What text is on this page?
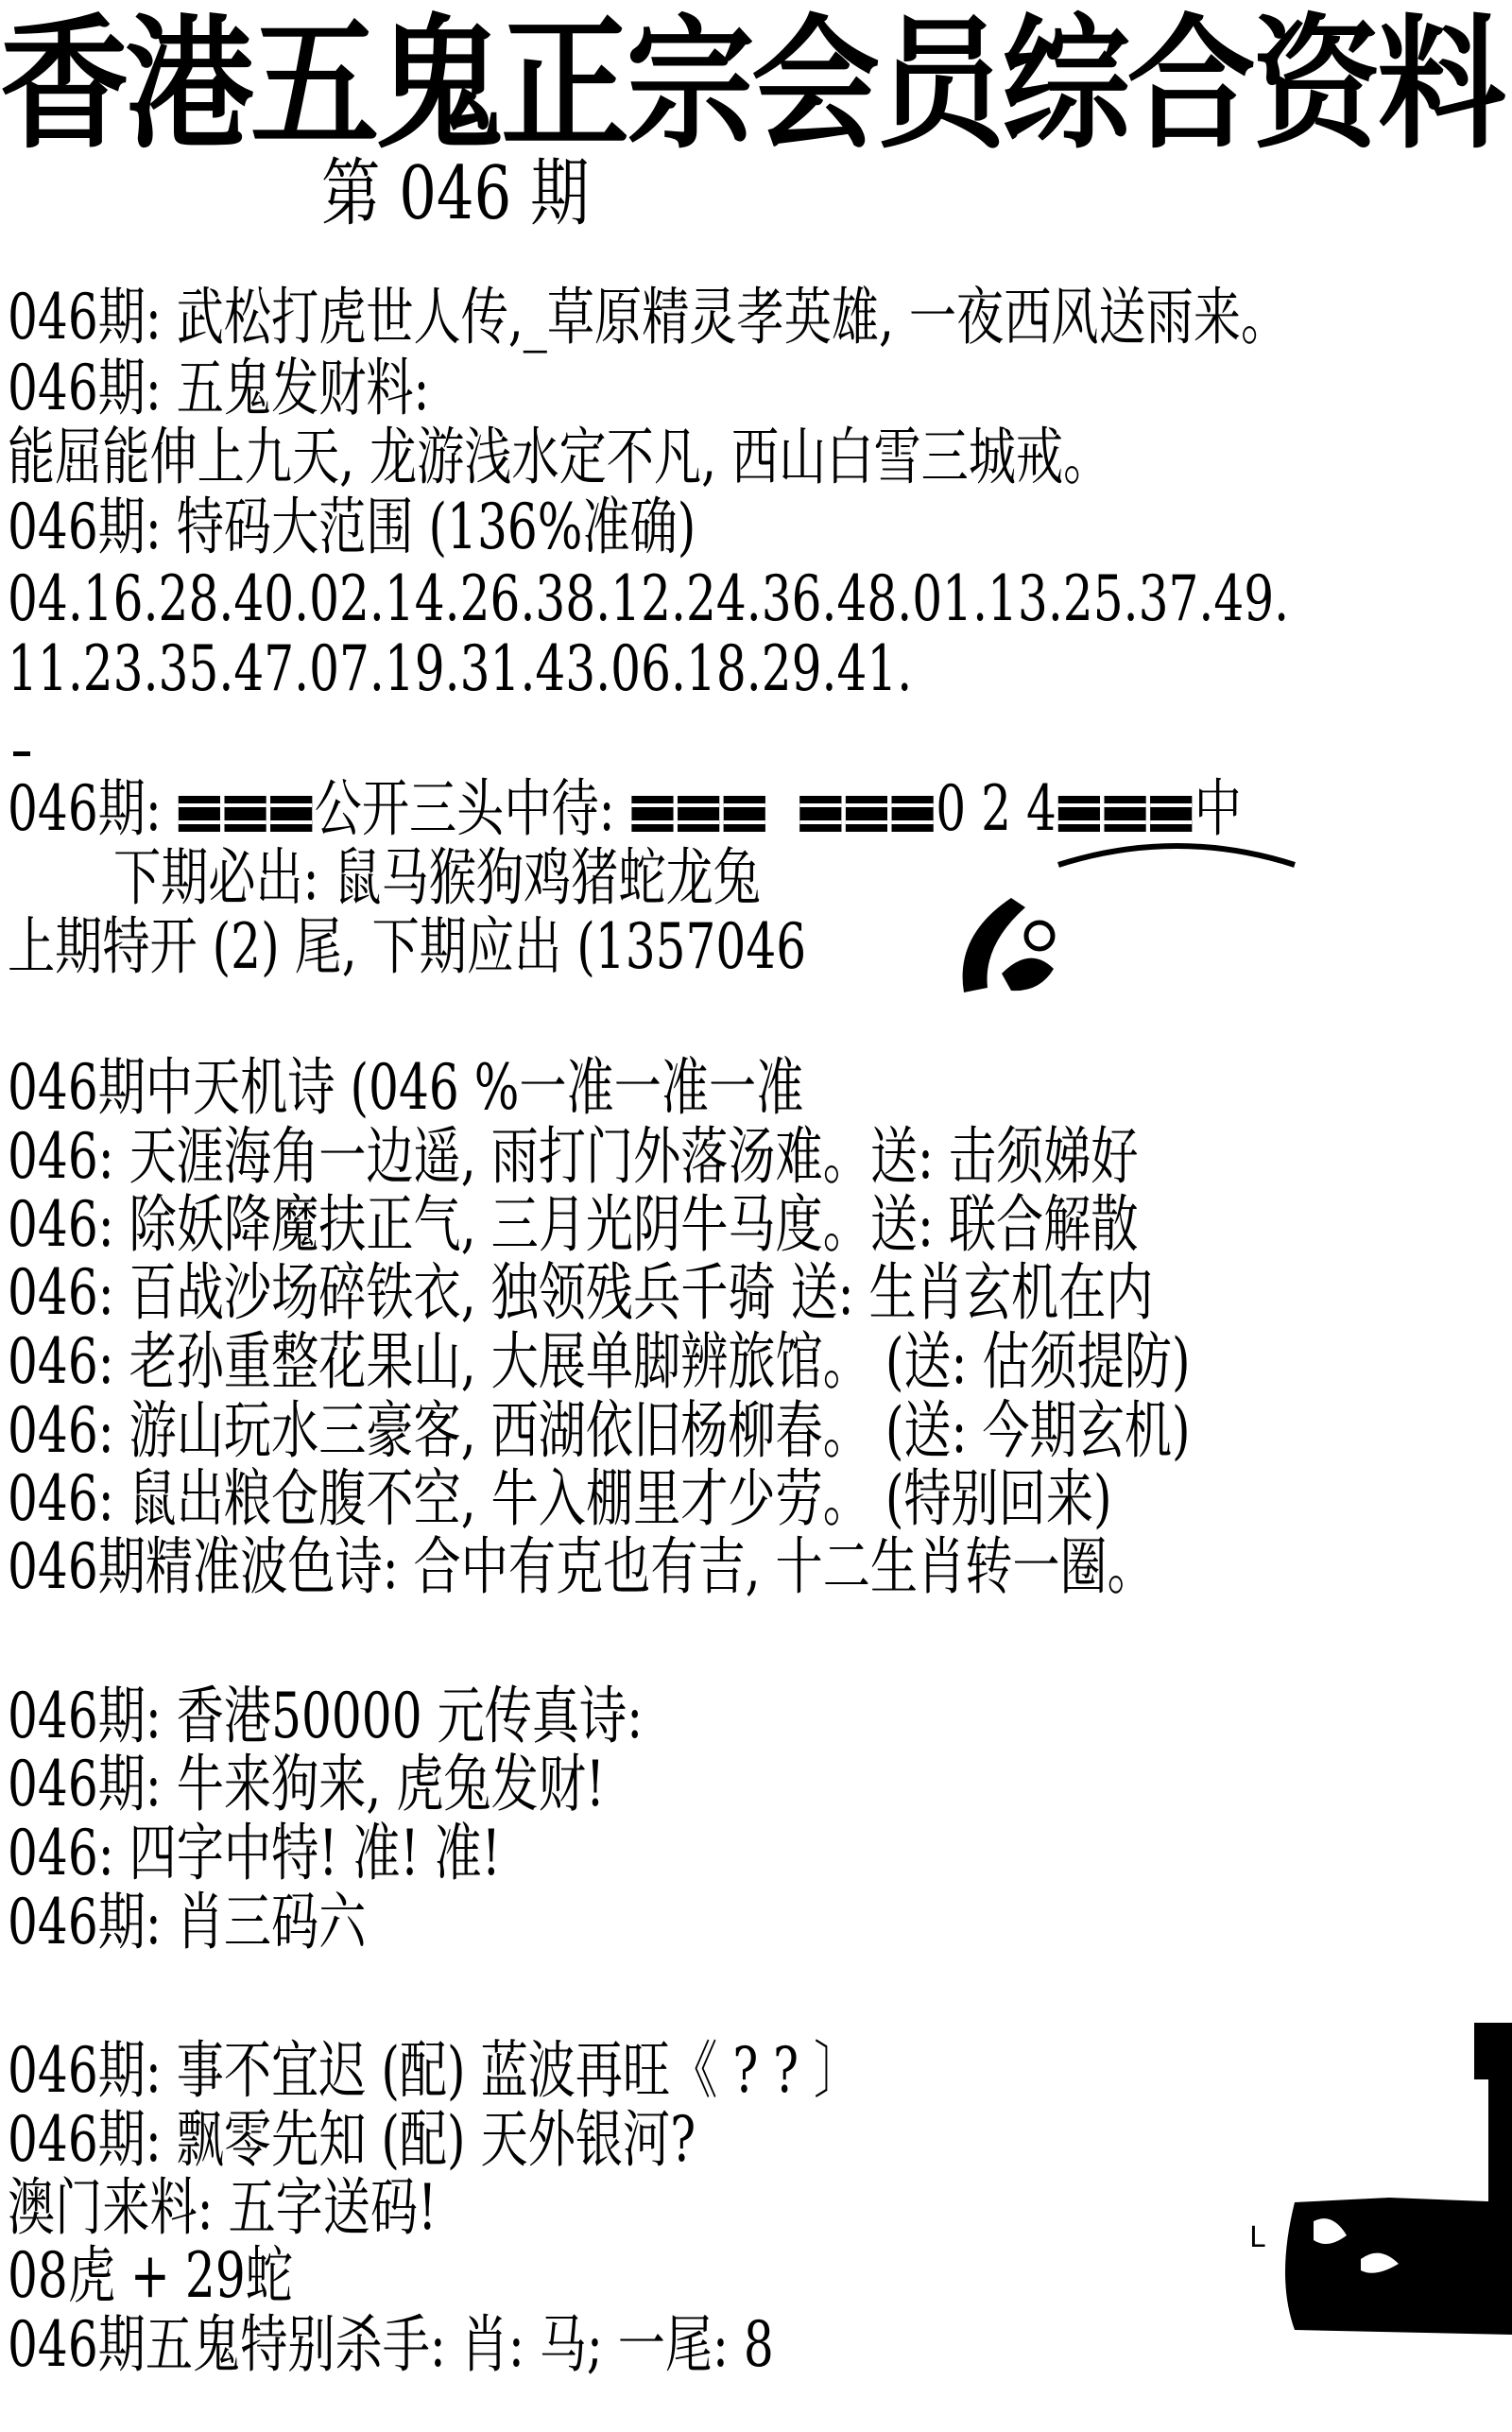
香港五鬼正宗会员综合资料
第 046 期
046期: 武松打虎世人传,_草原精灵孝英雄, 一夜西风送雨来。
046期: 五鬼发财料:
能屈能伸上九天, 龙游浅水定不凡, 西山白雪三城戒。
046期: 特码大范围 (136%准确)
04.16.28.40.02.14.26.38.12.24.36.48.01.13.25.37.49.
11.23.35.47.07.19.31.43.06.18.29.41.
046期: 公开三头中待:	0 2 4 中
下期必出: 鼠马猴狗鸡猪蛇龙兔
上期特开 (2) 尾, 下期应出 (1357046
046期中天机诗 (046 %一准一准一准
046: 天涯海角一边遥, 雨打门外落汤难。送: 击须娣好
046: 除妖降魔扶正气, 三月光阴牛马度。送: 联合解散
046: 百战沙场碎铁衣, 独领残兵千骑 送: 生肖玄机在内
046: 老孙重整花果山, 大展单脚辨旅馆。 (送: 估须提防)
046: 游山玩水三豪客, 西湖依旧杨柳春。 (送: 今期玄机)
046: 鼠出粮仓腹不空, 牛入棚里才少劳。 (特别回来)
046期精准波色诗: 合中有克也有吉, 十二生肖转一圈。
046期: 香港50000 元传真诗:
046期: 牛来狗来, 虎兔发财!
046: 四字中特! 准! 准!
046期: 肖三码六
046期: 事不宜迟 (配) 蓝波再旺《 ? ? 〕
046期: 飘零先知 (配) 天外银河?
澳门来料: 五字送码!
08虎 + 29蛇
046期五鬼特别杀手: 肖: 马; 一尾: 8
L
